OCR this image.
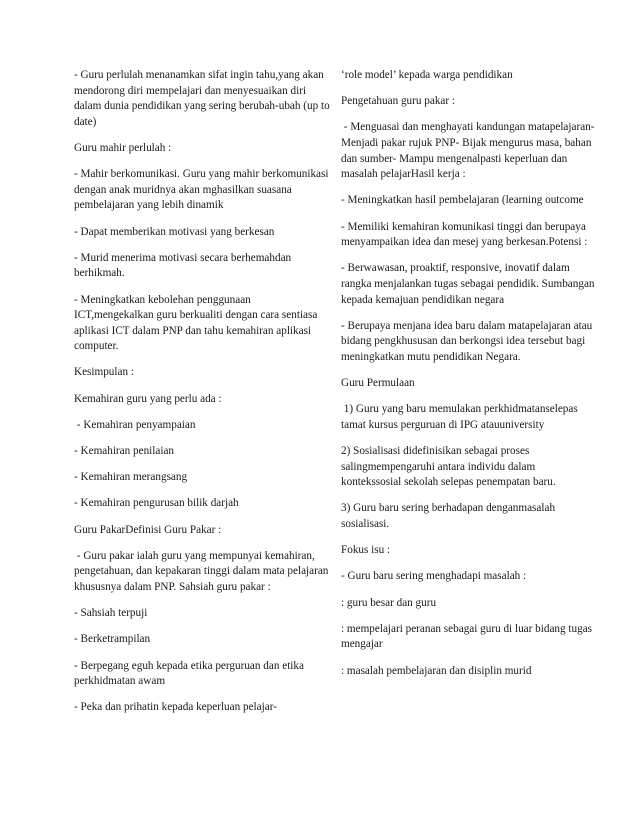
- Guru perlulah menanamkan sifat ingin tahu,yang akan mendorong diri mempelajari dan menyesuaikan diri dalam dunia pendidikan yang sering berubah-ubah (up to date)

Guru mahir perlulah :

- Mahir berkomunikasi. Guru yang mahir berkomunikasi dengan anak muridnya akan mghasilkan suasana pembelajaran yang lebih dinamik

- Dapat memberikan motivasi yang berkesan

- Murid menerima motivasi secara berhemahdan berhikmah.

- Meningkatkan kebolehan penggunaan ICT,mengekalkan guru berkualiti dengan cara sentiasa aplikasi ICT dalam PNP dan tahu kemahiran aplikasi computer.

Kesimpulan :

Kemahiran guru yang perlu ada :

- Kemahiran penyampaian

- Kemahiran penilaian

- Kemahiran merangsang

- Kemahiran pengurusan bilik darjah

Guru PakarDefinisi Guru Pakar :

- Guru pakar ialah guru yang mempunyai kemahiran, pengetahuan, dan kepakaran tinggi dalam mata pelajaran khususnya dalam PNP. Sahsiah guru pakar :

- Sahsiah terpuji

- Berketrampilan

- Berpegang eguh kepada etika perguruan dan etika perkhidmatan awam

- Peka dan prihatin kepada keperluan pelajar-

‘role model’ kepada warga pendidikan

Pengetahuan guru pakar :

- Menguasai dan menghayati kandungan matapelajaran- Menjadi pakar rujuk PNP- Bijak mengurus masa, bahan dan sumber- Mampu mengenalpasti keperluan dan masalah pelajarHasil kerja :

- Meningkatkan hasil pembelajaran (learning outcome

- Memiliki kemahiran komunikasi tinggi dan berupaya menyampaikan idea dan mesej yang berkesan.Potensi :

- Berwawasan, proaktif, responsive, inovatif dalam rangka menjalankan tugas sebagai pendidik. Sumbangan kepada kemajuan pendidikan negara

- Berupaya menjana idea baru dalam matapelajaran atau bidang pengkhususan dan berkongsi idea tersebut bagi meningkatkan mutu pendidikan Negara.

Guru Permulaan

1) Guru yang baru memulakan perkhidmatanselepas tamat kursus perguruan di IPG atauuniversity

2) Sosialisasi didefinisikan sebagai proses salingmempengaruhi antara individu dalam kontekssosial sekolah selepas penempatan baru.

3) Guru baru sering berhadapan denganmasalah sosialisasi.

Fokus isu :

- Guru baru sering menghadapi masalah :

: guru besar dan guru

: mempelajari peranan sebagai guru di luar bidang tugas mengajar

: masalah pembelajaran dan disiplin murid
